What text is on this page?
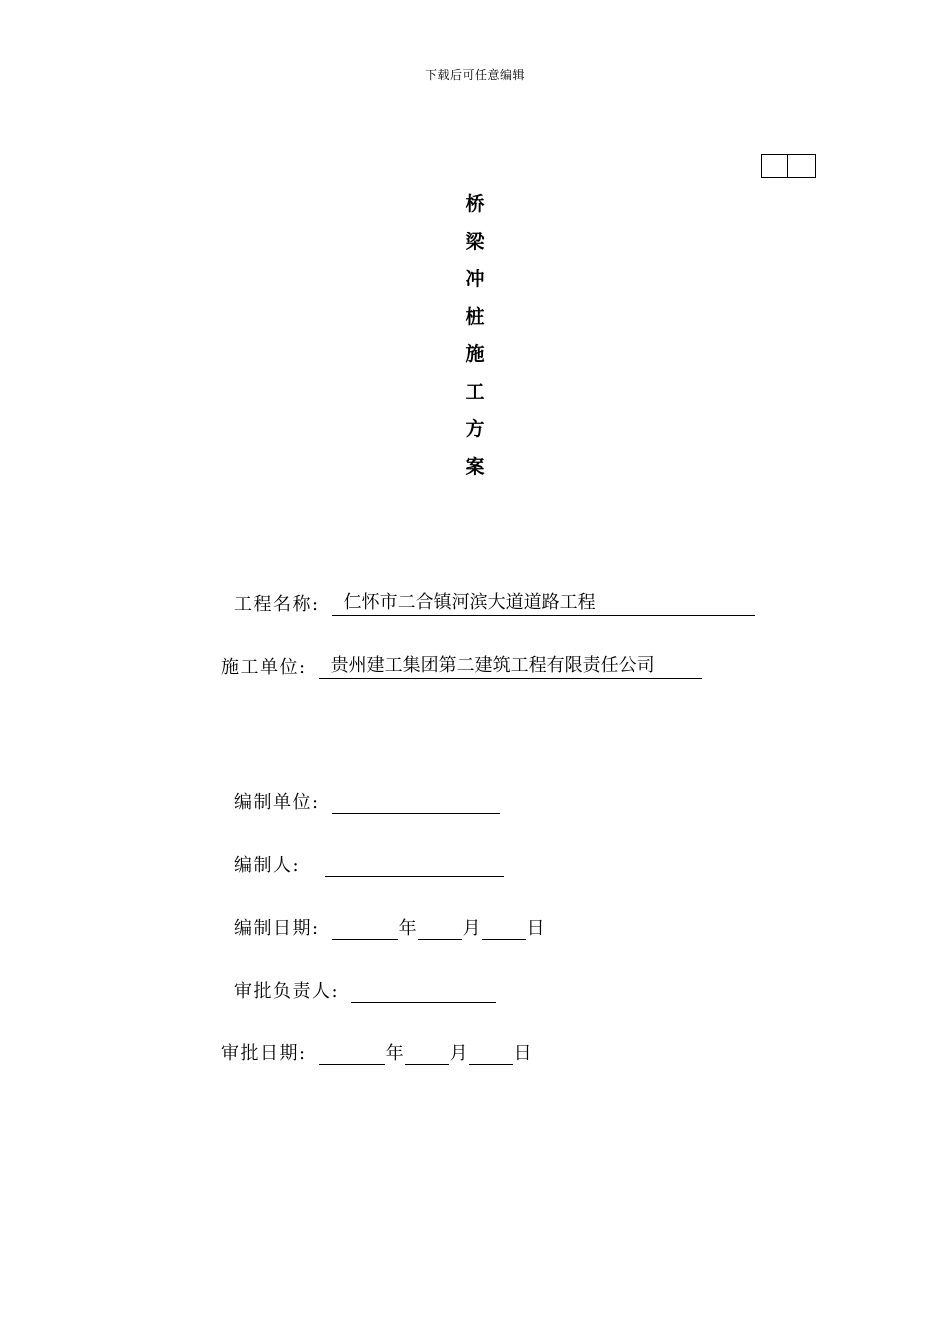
下载后可任意编辑
桥
梁
冲
桩
施
工
方
案
工程名称:	仁怀市二合镇河滨大道道路工程
施工单位:	贵州建工集团第二建筑工程有限责任公司
编制单位:
编制人:
编制日期:	年	月	日
审批负责人:
审批日期:	年	月	日
